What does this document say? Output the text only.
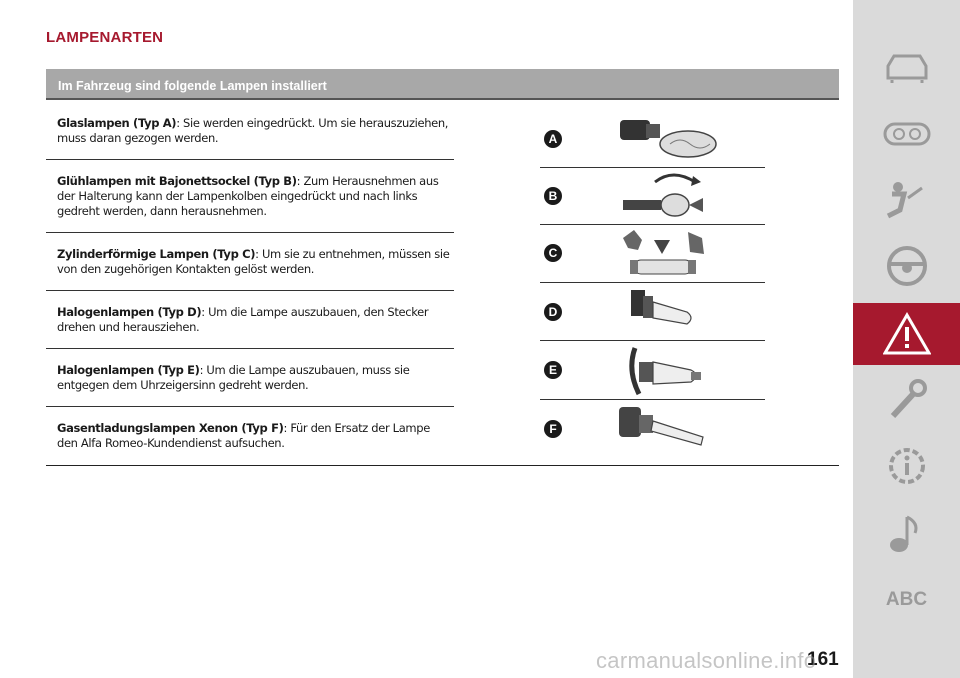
LAMPENARTEN
Im Fahrzeug sind folgende Lampen installiert
Glaslampen (Typ A): Sie werden eingedrückt. Um sie herauszuziehen, muss daran gezogen werden.
Glühlampen mit Bajonettsockel (Typ B): Zum Herausnehmen aus der Halterung kann der Lampenkolben eingedrückt und nach links gedreht werden, dann herausnehmen.
Zylinderförmige Lampen (Typ C): Um sie zu entnehmen, müssen sie von den zugehörigen Kontakten gelöst werden.
Halogenlampen (Typ D): Um die Lampe auszubauen, den Stecker drehen und herausziehen.
Halogenlampen (Typ E): Um die Lampe auszubauen, muss sie entgegen dem Uhrzeigersinn gedreht werden.
Gasentladungslampen Xenon (Typ F): Für den Ersatz der Lampe den Alfa Romeo-Kundendienst aufsuchen.
A
B
C
D
E
F
ABC
161
carmanualsonline.info
